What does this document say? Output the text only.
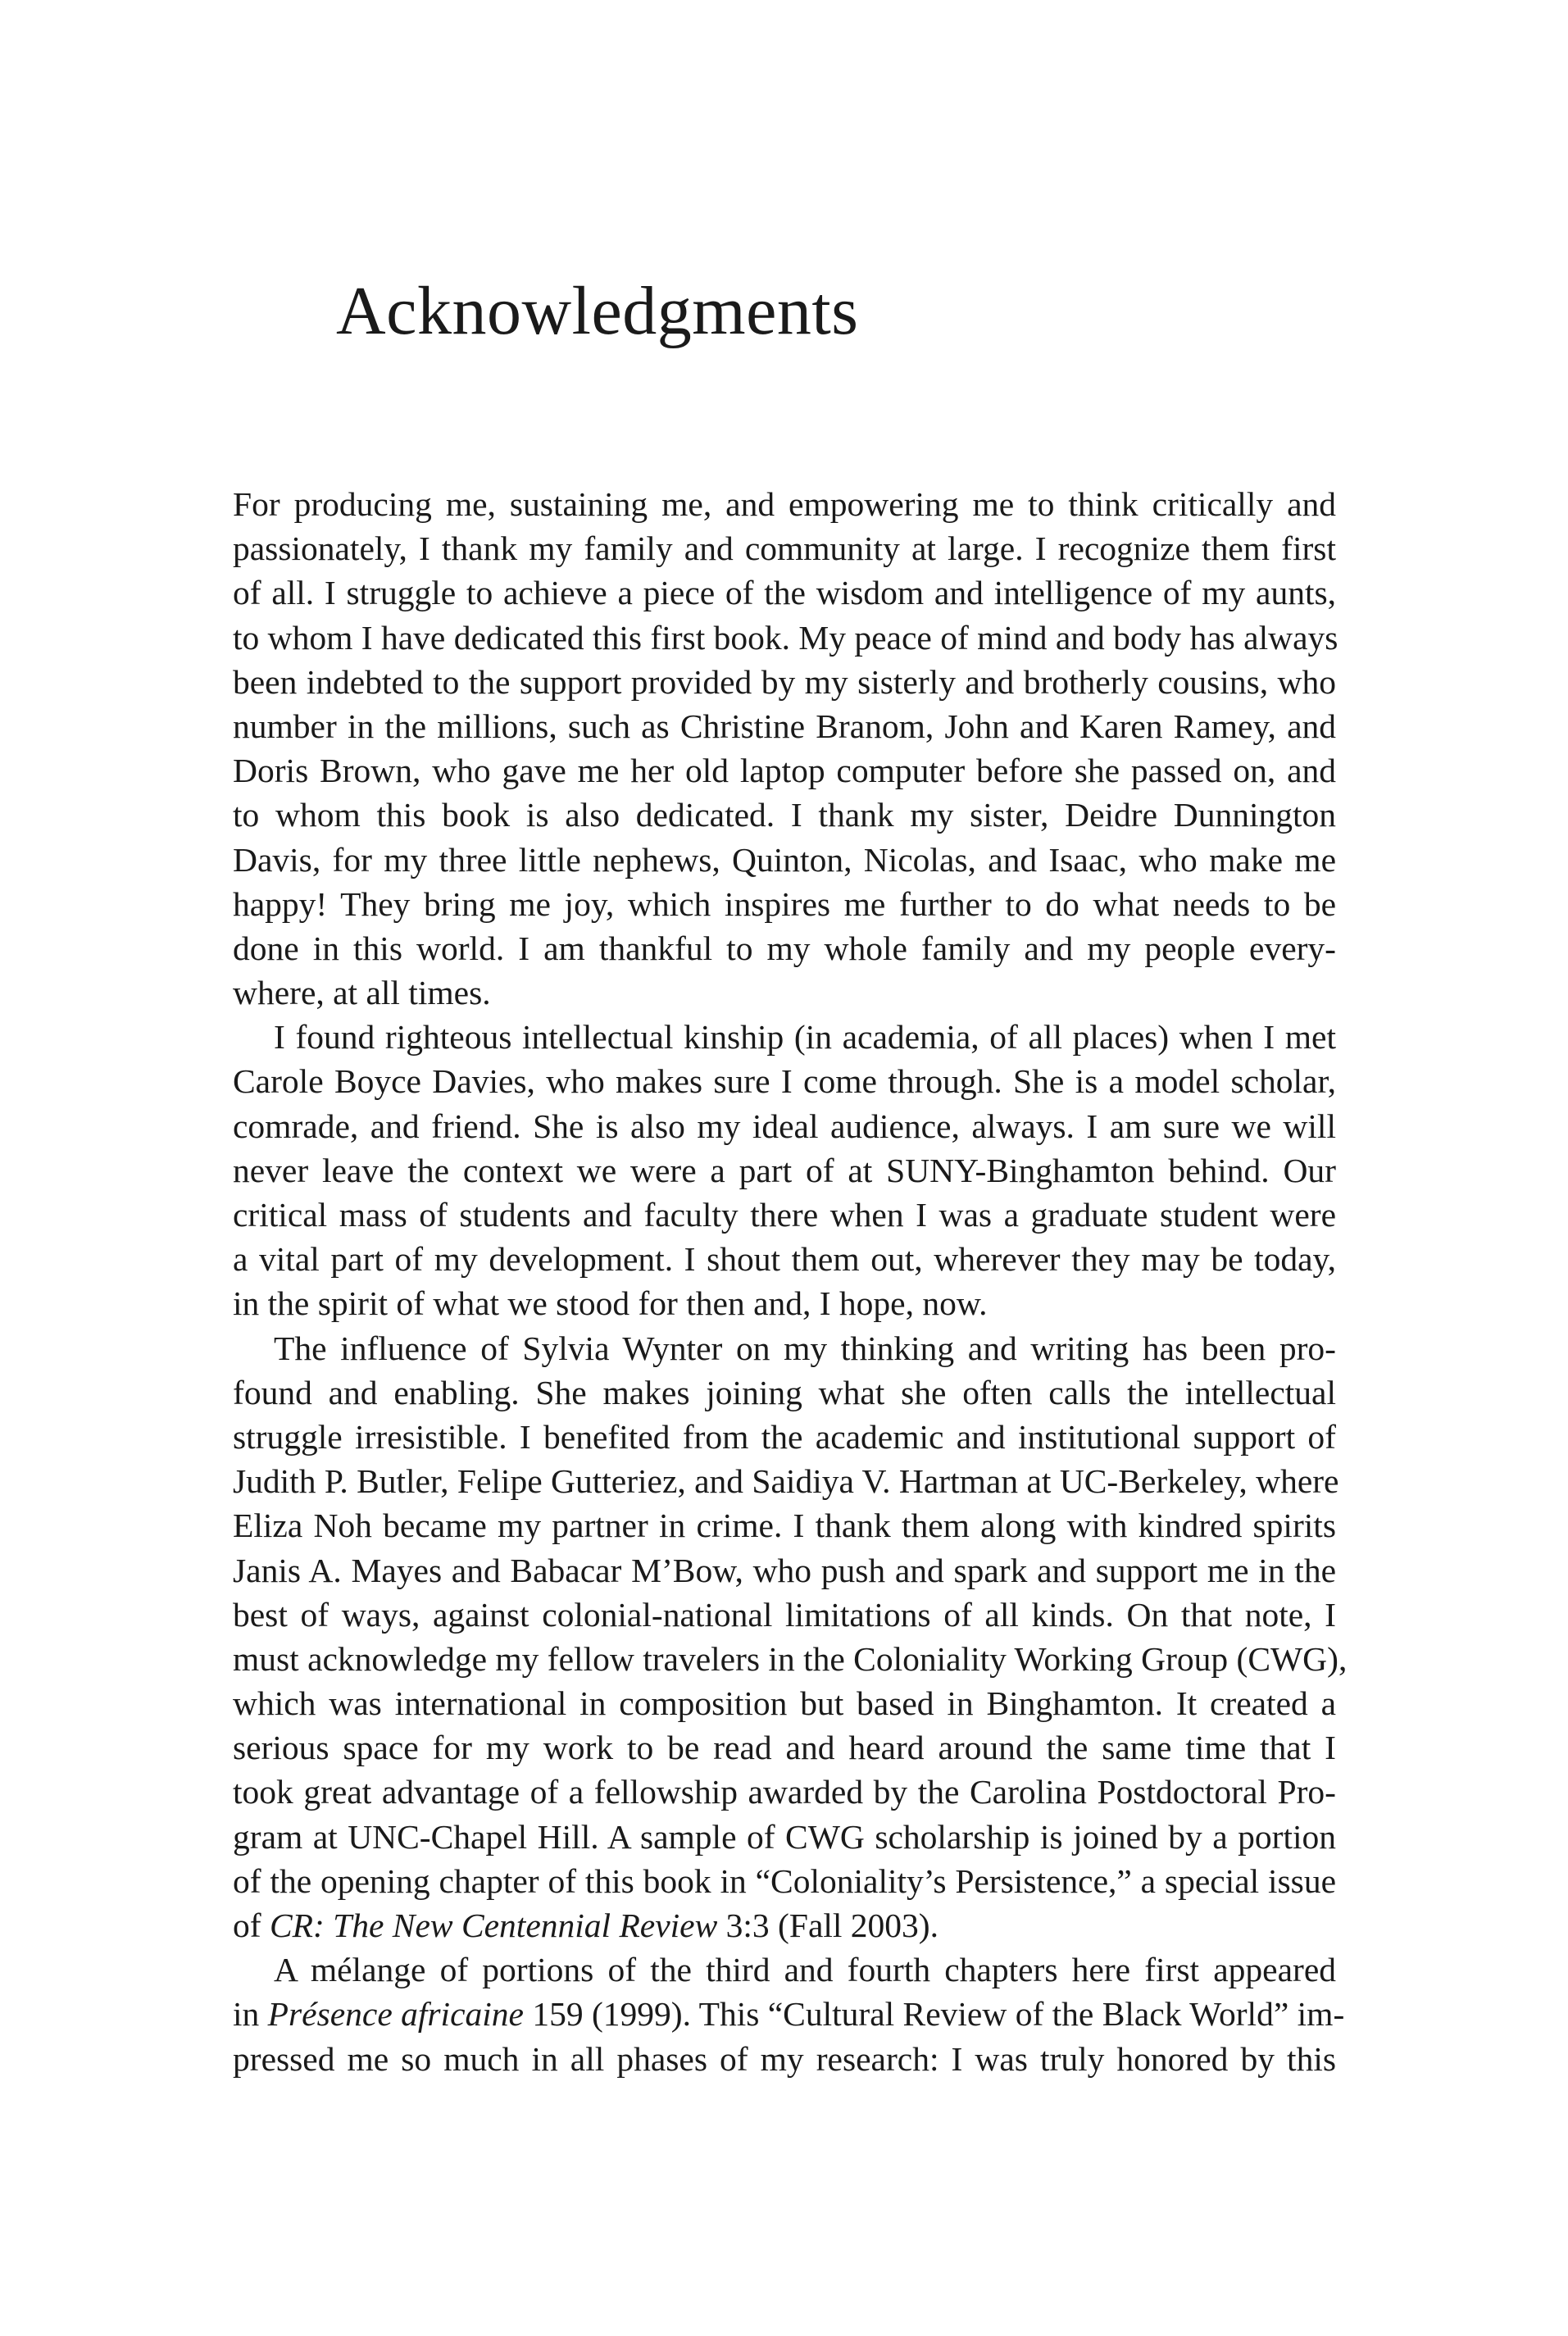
Acknowledgments
For producing me, sustaining me, and empowering me to think critically and
passionately, I thank my family and community at large. I recognize them first
of all. I struggle to achieve a piece of the wisdom and intelligence of my aunts,
to whom I have dedicated this first book. My peace of mind and body has always
been indebted to the support provided by my sisterly and brotherly cousins, who
number in the millions, such as Christine Branom, John and Karen Ramey, and
Doris Brown, who gave me her old laptop computer before she passed on, and
to whom this book is also dedicated. I thank my sister, Deidre Dunnington
Davis, for my three little nephews, Quinton, Nicolas, and Isaac, who make me
happy! They bring me joy, which inspires me further to do what needs to be
done in this world. I am thankful to my whole family and my people every-
where, at all times.
I found righteous intellectual kinship (in academia, of all places) when I met
Carole Boyce Davies, who makes sure I come through. She is a model scholar,
comrade, and friend. She is also my ideal audience, always. I am sure we will
never leave the context we were a part of at SUNY-Binghamton behind. Our
critical mass of students and faculty there when I was a graduate student were
a vital part of my development. I shout them out, wherever they may be today,
in the spirit of what we stood for then and, I hope, now.
The influence of Sylvia Wynter on my thinking and writing has been pro-
found and enabling. She makes joining what she often calls the intellectual
struggle irresistible. I benefited from the academic and institutional support of
Judith P. Butler, Felipe Gutteriez, and Saidiya V. Hartman at UC-Berkeley, where
Eliza Noh became my partner in crime. I thank them along with kindred spirits
Janis A. Mayes and Babacar M’Bow, who push and spark and support me in the
best of ways, against colonial-national limitations of all kinds. On that note, I
must acknowledge my fellow travelers in the Coloniality Working Group (CWG),
which was international in composition but based in Binghamton. It created a
serious space for my work to be read and heard around the same time that I
took great advantage of a fellowship awarded by the Carolina Postdoctoral Pro-
gram at UNC-Chapel Hill. A sample of CWG scholarship is joined by a portion
of the opening chapter of this book in “Coloniality’s Persistence,” a special issue
of CR: The New Centennial Review 3:3 (Fall 2003).
A mélange of portions of the third and fourth chapters here first appeared
in Présence africaine 159 (1999). This “Cultural Review of the Black World” im-
pressed me so much in all phases of my research: I was truly honored by this
